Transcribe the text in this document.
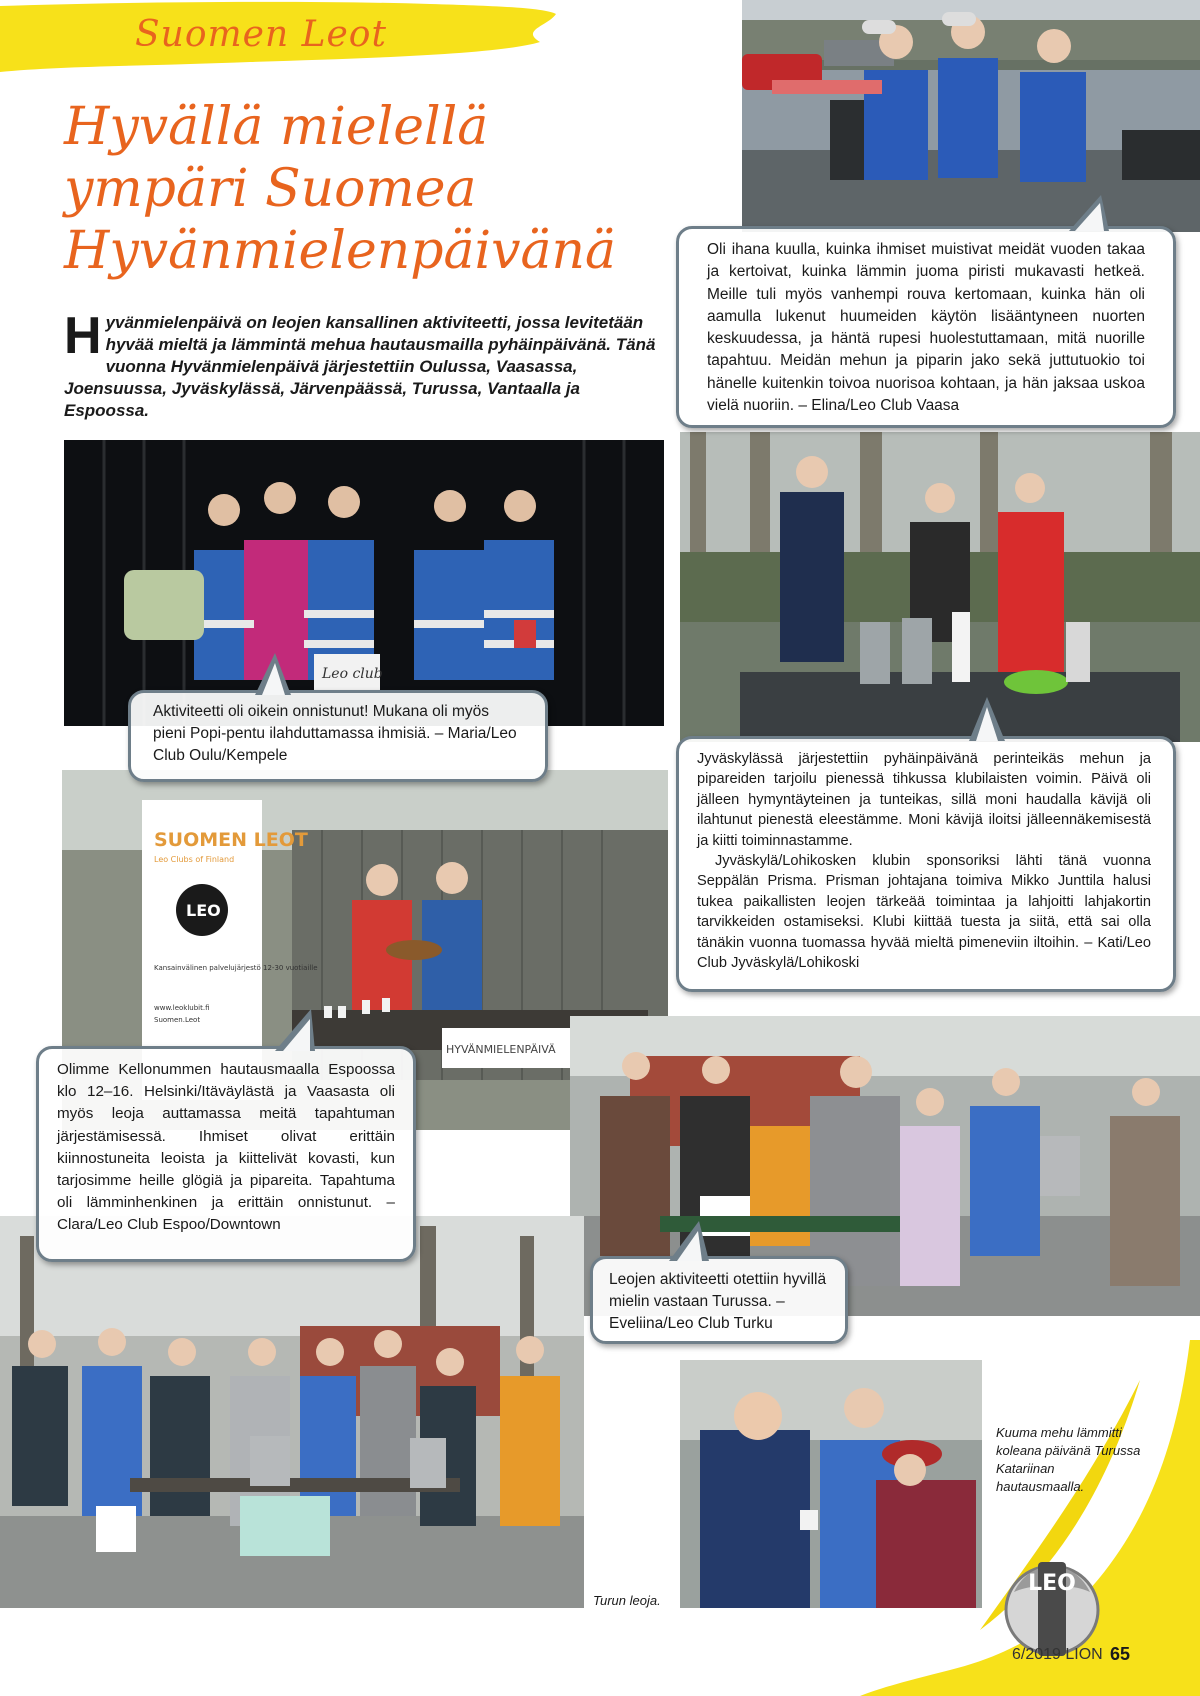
Suomen Leot
Hyvällä mielellä
ympäri Suomea
Hyvänmielenpäivänä

Hyvänmielenpäivä on leojen kansallinen aktiviteetti, jossa levitetään hyvää mieltä ja lämmintä mehua hautausmailla pyhäinpäivänä. Tänä vuonna Hyvänmielenpäivä järjestettiin Oulussa, Vaasassa, Joensuussa, Jyväskylässä, Järvenpäässä, Turussa, Vantaalla ja Espoossa.

Leo club
SUOMEN LEOT
Leo Clubs of Finland
LEO
Kansainvälinen palvelujärjestö 12-30 vuotiaille
www.leoklubit.fi
Suomen.Leot
HYVÄNMIELENPÄIVÄ

Oli ihana kuulla, kuinka ihmiset muistivat meidät vuoden takaa ja kertoivat, kuinka lämmin juoma piristi mukavasti hetkeä. Meille tuli myös vanhempi rouva kertomaan, kuinka hän oli aamulla lukenut huumeiden käytön lisääntyneen nuorten keskuudessa, ja häntä rupesi huolestuttamaan, mitä nuorille tapahtuu. Meidän mehun ja piparin jako sekä juttutuokio toi hänelle kuitenkin toivoa nuorisoa kohtaan, ja hän jaksaa uskoa vielä nuoriin. – Elina/Leo Club Vaasa

Aktiviteetti oli oikein onnistunut! Mukana oli myös pieni Popi-pentu ilahduttamassa ihmisiä. – Maria/Leo Club Oulu/Kempele	Jyväskylässä järjestettiin pyhäinpäivänä perinteikäs mehun ja pipareiden tarjoilu pienessä tihkussa klubilaisten voimin. Päivä oli jälleen hymyntäyteinen ja tunteikas, sillä moni haudalla kävijä oli ilahtunut pienestä eleestämme. Moni kävijä iloitsi jälleennäkemisestä ja kiitti toiminnastamme.

Jyväskylä/Lohikosken klubin sponsoriksi lähti tänä vuonna Seppälän Prisma. Prisman johtajana toimiva Mikko Junttila halusi tukea paikallisten leojen tärkeää toimintaa ja lahjoitti lahjakortin tarvikkeiden ostamiseksi. Klubi kiittää tuesta ja siitä, että sai olla tänäkin vuonna tuomassa hyvää mieltä pimeneviin iltoihin. – Kati/Leo Club Jyväskylä/Lohikoski

Olimme Kellonummen hautausmaalla Espoossa klo 12–16. Helsinki/Itäväylästä ja Vaasasta oli myös leoja auttamassa meitä tapahtuman järjestämisessä. Ihmiset olivat erittäin kiinnostuneita leoista ja kiittelivät kovasti, kun tarjosimme heille glögiä ja pipareita. Tapahtuma oli lämminhenkinen ja erittäin onnistunut. – Clara/Leo Club Espoo/Downtown

Leojen aktiviteetti otettiin hyvillä mielin vastaan Turussa. – Eveliina/Leo Club Turku

Kuuma mehu lämmitti koleana päivänä Turussa Katariinan hautausmaalla.
Turun leoja.
LEO
6/2019 LION 65
